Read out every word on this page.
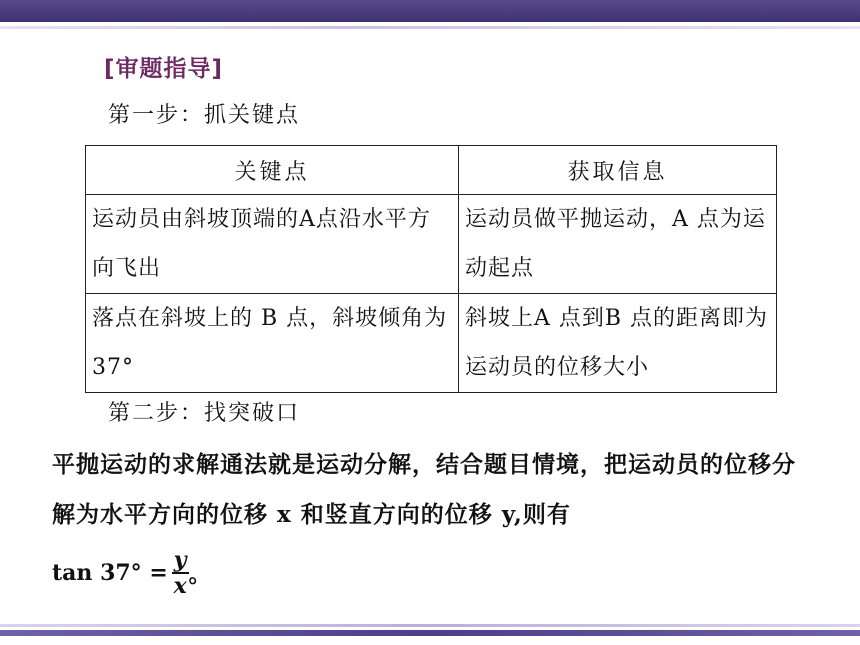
[审题指导]
第一步：抓关键点
关键点	获取信息
运动员由斜坡顶端的A点沿水平方向飞出	运动员做平抛运动，A 点为运动起点
落点在斜坡上的 B 点，斜坡倾角为 37°	斜坡上A 点到B 点的距离即为运动员的位移大小
第二步：找突破口
平抛运动的求解通法就是运动分解，结合题目情境，把运动员的位移分解为水平方向的位移 x 和竖直方向的位移 y,则有
$\tan 37^\circ = \frac{y}{x}$ 。
